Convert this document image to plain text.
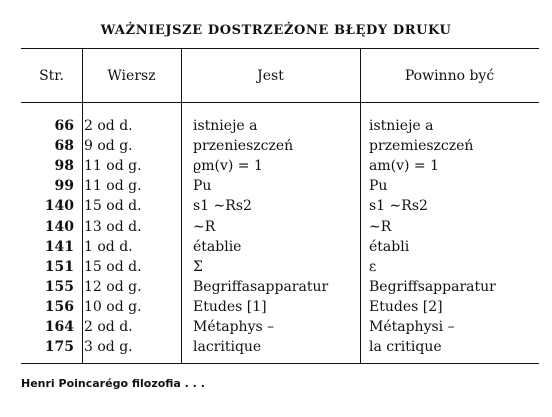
WAŻNIEJSZE DOSTRZEŻONE BŁĘDY DRUKU
Str.	Wiersz	Jest	Powinno być
66 2 od d.	istnieje a	istnieje a
68 9 od g.	przenieszczeń	przemieszczeń
98 11 od g.	ϱm(v) = 1	am(v) = 1
99 11 od g.	Pu	Pu
140 15 od d.	s1 ∼Rs2	s1 ∼Rs2
140 13 od d.	∼R	∼R
141 1 od d.	établie	établi
151 15 od d.	Σ	ε
155 12 od g.	Begriffasapparatur	Begriffsapparatur
156 10 od g.	Etudes [1]	Etudes [2]
164 2 od d.	Métaphys –	Métaphysi –
175 3 od g.	lacritique	la critique
Henri Poincarégo filozofia . . .
